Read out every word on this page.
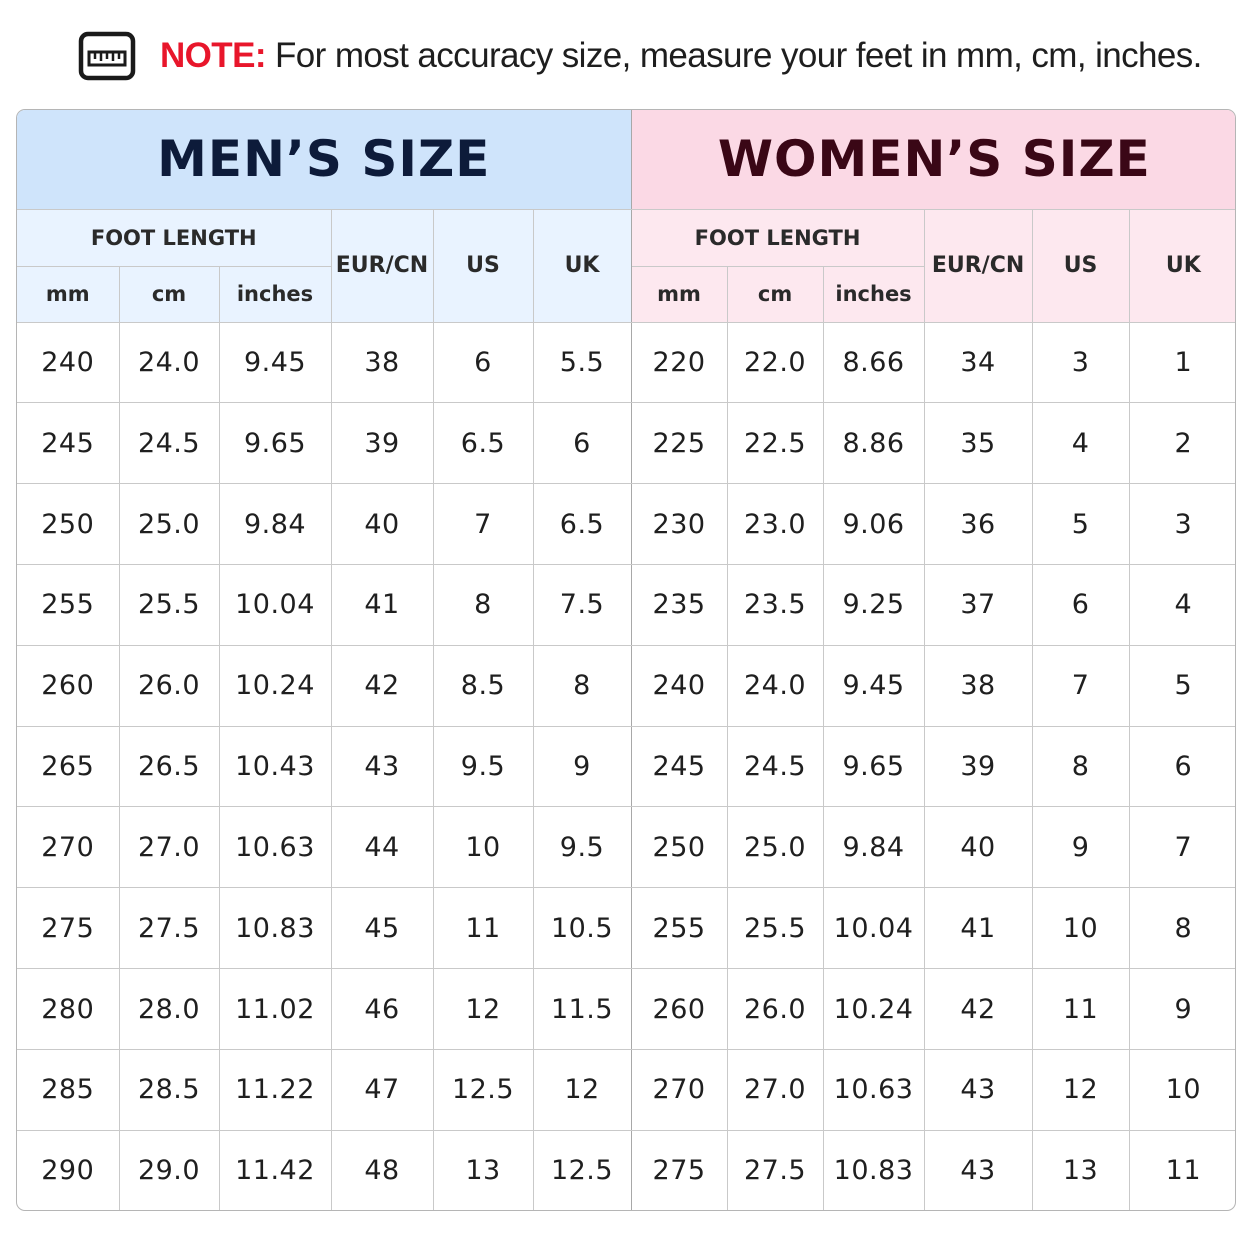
NOTE: For most accuracy size, measure your feet in mm, cm, inches.
MEN’S SIZE						WOMEN’S SIZE					
FOOT LENGTH			EUR/CN	US	UK	FOOT LENGTH			EUR/CN	US	UK
mm	cm	inches				mm	cm	inches			
240	24.0	9.45	38	6	5.5	220	22.0	8.66	34	3	1
245	24.5	9.65	39	6.5	6	225	22.5	8.86	35	4	2
250	25.0	9.84	40	7	6.5	230	23.0	9.06	36	5	3
255	25.5	10.04	41	8	7.5	235	23.5	9.25	37	6	4
260	26.0	10.24	42	8.5	8	240	24.0	9.45	38	7	5
265	26.5	10.43	43	9.5	9	245	24.5	9.65	39	8	6
270	27.0	10.63	44	10	9.5	250	25.0	9.84	40	9	7
275	27.5	10.83	45	11	10.5	255	25.5	10.04	41	10	8
280	28.0	11.02	46	12	11.5	260	26.0	10.24	42	11	9
285	28.5	11.22	47	12.5	12	270	27.0	10.63	43	12	10
290	29.0	11.42	48	13	12.5	275	27.5	10.83	43	13	11
